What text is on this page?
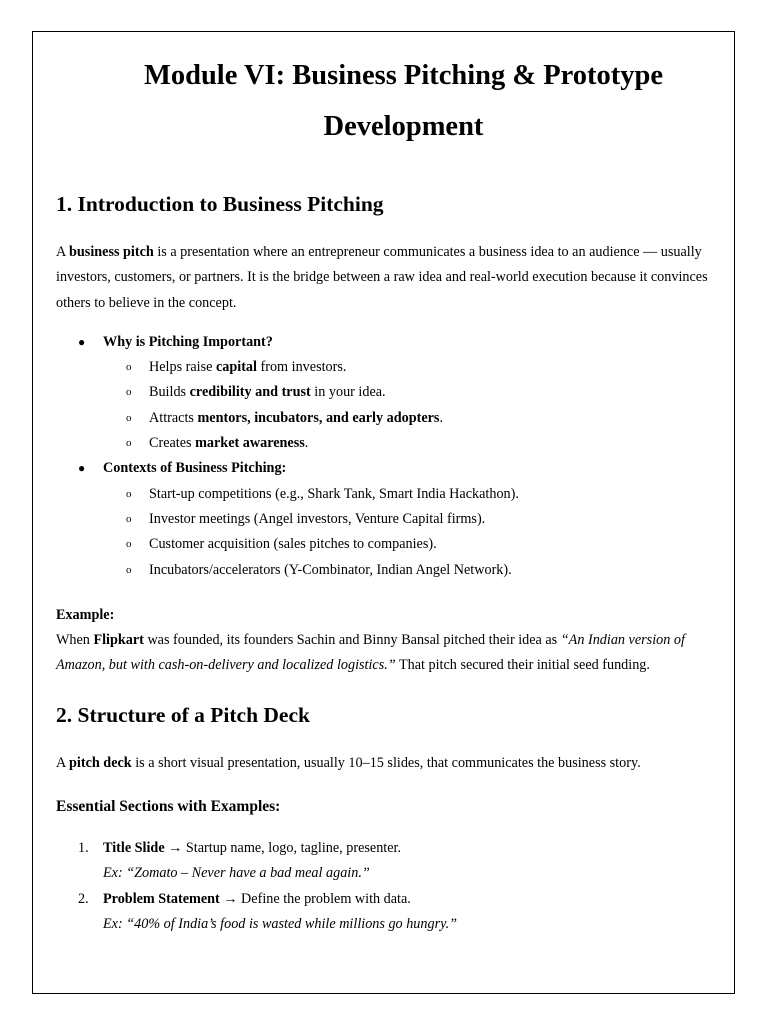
Module VI: Business Pitching & Prototype Development
1. Introduction to Business Pitching

A business pitch is a presentation where an entrepreneur communicates a business idea to an audience — usually investors, customers, or partners. It is the bridge between a raw idea and real-world execution because it convinces others to believe in the concept.

● Why is Pitching Important?
o Helps raise capital from investors.
o Builds credibility and trust in your idea.
o Attracts mentors, incubators, and early adopters.
o Creates market awareness.
● Contexts of Business Pitching:
o Start-up competitions (e.g., Shark Tank, Smart India Hackathon).
o Investor meetings (Angel investors, Venture Capital firms).
o Customer acquisition (sales pitches to companies).
o Incubators/accelerators (Y-Combinator, Indian Angel Network).

Example:

When Flipkart was founded, its founders Sachin and Binny Bansal pitched their idea as “An Indian version of Amazon, but with cash-on-delivery and localized logistics.” That pitch secured their initial seed funding.

2. Structure of a Pitch Deck

A pitch deck is a short visual presentation, usually 10–15 slides, that communicates the business story.

Essential Sections with Examples:
1. Title Slide → Startup name, logo, tagline, presenter.
Ex: “Zomato – Never have a bad meal again.”
2. Problem Statement → Define the problem with data.
Ex: “40% of India’s food is wasted while millions go hungry.”
